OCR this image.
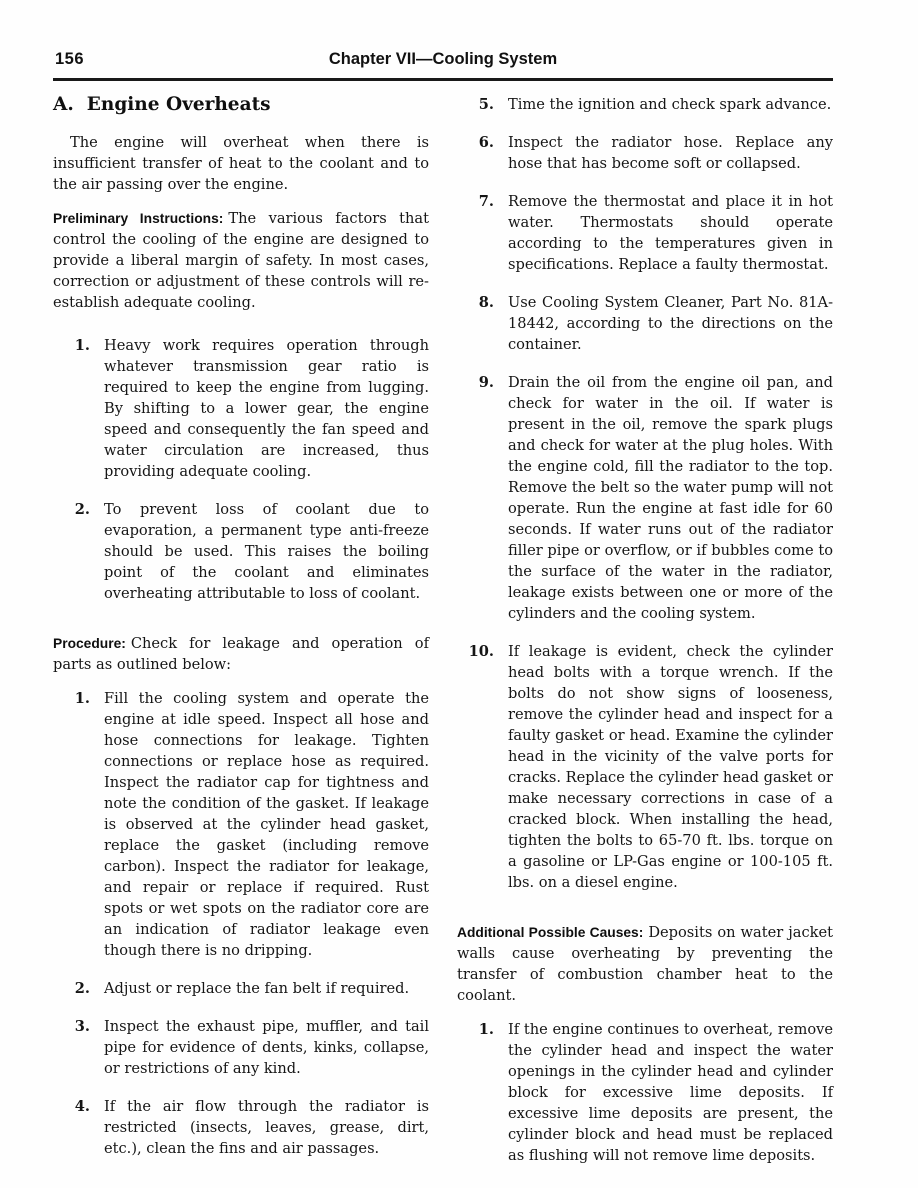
156	Chapter VII—Cooling System
A. Engine Overheats

The engine will overheat when there is insufficient transfer of heat to the coolant and to the air passing over the engine.

Preliminary Instructions: The various factors that control the cooling of the engine are designed to provide a liberal margin of safety. In most cases, correction or adjustment of these controls will re-establish adequate cooling.

1. Heavy work requires operation through whatever transmission gear ratio is required to keep the engine from lugging. By shifting to a lower gear, the engine speed and consequently the fan speed and water circulation are increased, thus providing adequate cooling.
2. To prevent loss of coolant due to evaporation, a permanent type anti-freeze should be used. This raises the boiling point of the coolant and eliminates overheating attributable to loss of coolant.

Procedure: Check for leakage and operation of parts as outlined below:

1. Fill the cooling system and operate the engine at idle speed. Inspect all hose and hose connections for leakage. Tighten connections or replace hose as required. Inspect the radiator cap for tightness and note the condition of the gasket. If leakage is observed at the cylinder head gasket, replace the gasket (including remove carbon). Inspect the radiator for leakage, and repair or replace if required. Rust spots or wet spots on the radiator core are an indication of radiator leakage even though there is no dripping.
2. Adjust or replace the fan belt if required.
3. Inspect the exhaust pipe, muffler, and tail pipe for evidence of dents, kinks, collapse, or restrictions of any kind.
4. If the air flow through the radiator is restricted (insects, leaves, grease, dirt, etc.), clean the fins and air passages.
5. Time the ignition and check spark advance.
6. Inspect the radiator hose. Replace any hose that has become soft or collapsed.
7. Remove the thermostat and place it in hot water. Thermostats should operate according to the temperatures given in specifications. Replace a faulty thermostat.
8. Use Cooling System Cleaner, Part No. 81A-18442, according to the directions on the container.
9. Drain the oil from the engine oil pan, and check for water in the oil. If water is present in the oil, remove the spark plugs and check for water at the plug holes. With the engine cold, fill the radiator to the top. Remove the belt so the water pump will not operate. Run the engine at fast idle for 60 seconds. If water runs out of the radiator filler pipe or overflow, or if bubbles come to the surface of the water in the radiator, leakage exists between one or more of the cylinders and the cooling system.
10. If leakage is evident, check the cylinder head bolts with a torque wrench. If the bolts do not show signs of looseness, remove the cylinder head and inspect for a faulty gasket or head. Examine the cylinder head in the vicinity of the valve ports for cracks. Replace the cylinder head gasket or make necessary corrections in case of a cracked block. When installing the head, tighten the bolts to 65-70 ft. lbs. torque on a gasoline or LP-Gas engine or 100-105 ft. lbs. on a diesel engine.

Additional Possible Causes: Deposits on water jacket walls cause overheating by preventing the transfer of combustion chamber heat to the coolant.

1. If the engine continues to overheat, remove the cylinder head and inspect the water openings in the cylinder head and cylinder block for excessive lime deposits. If excessive lime deposits are present, the cylinder block and head must be replaced as flushing will not remove lime deposits.
